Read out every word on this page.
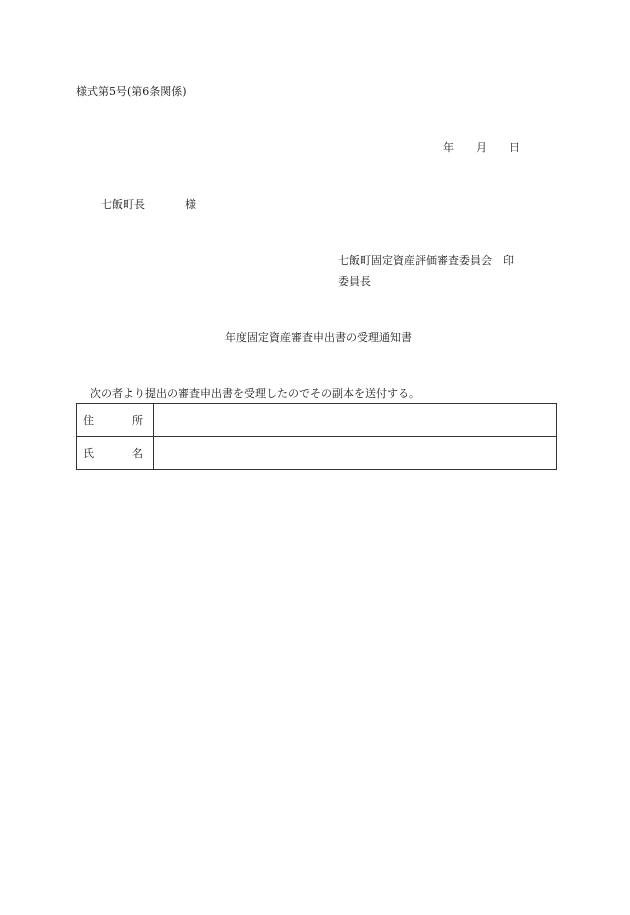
様式第5号(第6条関係)
年 月 日
七飯町長	様
七飯町固定資産評価審査委員会 印
委員長
年度固定資産審査申出書の受理通知書
次の者より提出の審査申出書を受理したのでその副本を送付する。
住 所	

氏 名	
